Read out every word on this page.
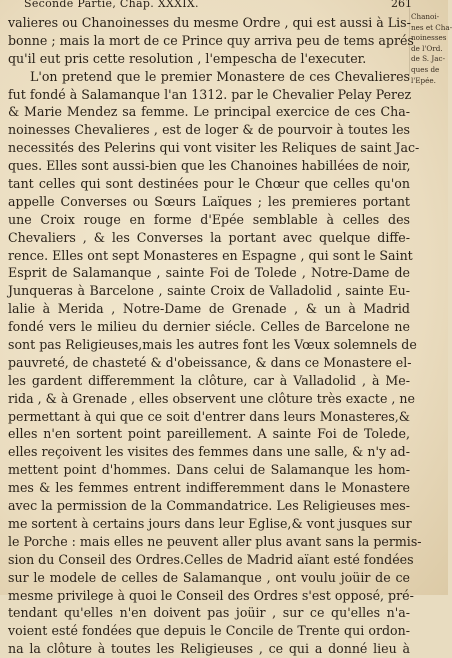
Seconde Partie, Chap. XXXIX.	261
Chanoi-
nes et Cha-
noinesses
de l'Ord.
de S. Jac-
ques de
l'Epée.
valieres ou Chanoinesses du mesme Ordre , qui est aussi à Lis-
bonne ; mais la mort de ce Prince quy arriva peu de tems aprés
qu'il eut pris cette resolution , l'empescha de l'executer.
L'on pretend que le premier Monastere de ces Chevalieres
fut fondé à Salamanque l'an 1312. par le Chevalier Pelay Perez
& Marie Mendez sa femme. Le principal exercice de ces Cha-
noinesses Chevalieres , est de loger & de pourvoir à toutes les
necessités des Pelerins qui vont visiter les Reliques de saint Jac-
ques. Elles sont aussi-bien que les Chanoines habillées de noir,
tant celles qui sont destinées pour le Chœur que celles qu'on
appelle Converses ou Sœurs Laïques ; les premieres portant
une Croix rouge en forme d'Epée semblable à celles des
Chevaliers , & les Converses la portant avec quelque diffe-
rence. Elles ont sept Monasteres en Espagne , qui sont le Saint
Esprit de Salamanque , sainte Foi de Tolede , Notre-Dame de
Junqueras à Barcelone , sainte Croix de Valladolid , sainte Eu-
lalie à Merida , Notre-Dame de Grenade , & un à Madrid
fondé vers le milieu du dernier siécle. Celles de Barcelone ne
sont pas Religieuses,mais les autres font les Vœux solemnels de
pauvreté, de chasteté & d'obeissance, & dans ce Monastere el-
les gardent differemment la clôture, car à Valladolid , à Me-
rida , & à Grenade , elles observent une clôture très exacte , ne
permettant à qui que ce soit d'entrer dans leurs Monasteres,&
elles n'en sortent point pareillement. A sainte Foi de Tolede,
elles reçoivent les visites des femmes dans une salle, & n'y ad-
mettent point d'hommes. Dans celui de Salamanque les hom-
mes & les femmes entrent indifferemment dans le Monastere
avec la permission de la Commandatrice. Les Religieuses mes-
me sortent à certains jours dans leur Eglise,& vont jusques sur
le Porche : mais elles ne peuvent aller plus avant sans la permis-
sion du Conseil des Ordres.Celles de Madrid aïant esté fondées
sur le modele de celles de Salamanque , ont voulu joüir de ce
mesme privilege à quoi le Conseil des Ordres s'est opposé, pré-
tendant qu'elles n'en doivent pas joüir , sur ce qu'elles n'a-
voient esté fondées que depuis le Concile de Trente qui ordon-
na la clôture à toutes les Religieuses , ce qui a donné lieu à
